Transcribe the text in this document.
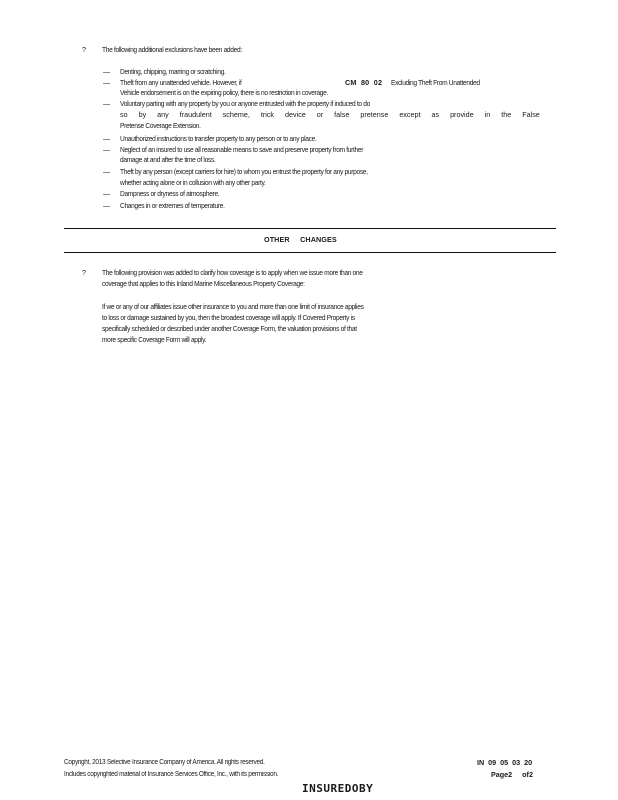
? The following additional exclusions have been added:
— Denting, chipping, marring or scratching.
— Theft from any unattended vehicle. However, if	CM  80  02 Excluding Theft From Unattended
Vehicle endorsement is on the expiring policy, there is no restriction in coverage.
— Voluntary parting with any property by you or anyone entrusted with the property if induced to do
so by any fraudulent scheme, trick device or false pretense except as provide in the False
Pretense Coverage Extension.
— Unauthorized instructions to transfer property to any person or to any place.
— Neglect of an insured to use all reasonable means to save and preserve property from further
damage at and after the time of loss.
— Theft by any person (except carriers for hire) to whom you entrust the property for any purpose,
whether acting alone or in collusion with any other party.
— Dampness or dryness of atmosphere.
— Changes in or extremes of temperature.
OTHER     CHANGES
? The following provision was added to clarify how coverage is to apply when we issue more than one
coverage that applies to this Inland Marine Miscellaneous Property Coverage:
If we or any of our affiliates issue other insurance to you and more than one limit of insurance applies
to loss or damage sustained by you, then the broadest coverage will apply. If Covered Property is
specifically scheduled or described under another Coverage Form, the valuation provisions of that
more specific Coverage Form will apply.
Copyright, 2013 Selective Insurance Company of America. All rights reserved.
Includes copyrighted material of Insurance Services Office, Inc., with its permission.
IN  09  05  03  20
Page2     of2
INSUREDOBY
